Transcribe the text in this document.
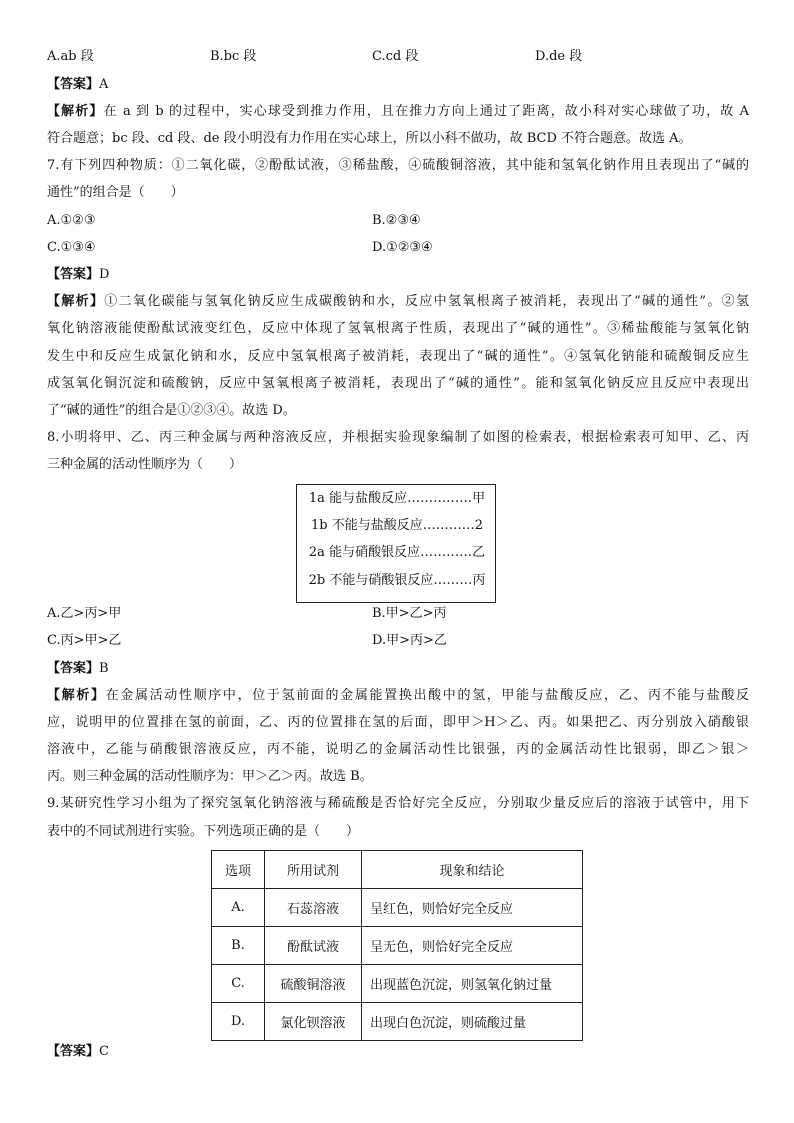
A.ab 段	B.bc 段	C.cd 段	D.de 段
【答案】A
【解析】在 a 到 b 的过程中，实心球受到推力作用，且在推力方向上通过了距离，故小科对实心球做了功，故 A
符合题意；bc 段、cd 段、de 段小明没有力作用在实心球上，所以小科不做功，故 BCD 不符合题意。故选 A。
7.有下列四种物质：①二氧化碳，②酚酞试液，③稀盐酸，④硫酸铜溶液，其中能和氢氧化钠作用且表现出了“碱的
通性”的组合是（　　）
A.①②③	B.②③④
C.①③④	D.①②③④
【答案】D
【解析】①二氧化碳能与氢氧化钠反应生成碳酸钠和水，反应中氢氧根离子被消耗，表现出了“碱的通性”。②氢
氧化钠溶液能使酚酞试液变红色，反应中体现了氢氧根离子性质，表现出了“碱的通性”。③稀盐酸能与氢氧化钠
发生中和反应生成氯化钠和水，反应中氢氧根离子被消耗，表现出了“碱的通性”。④氢氧化钠能和硫酸铜反应生
成氢氧化铜沉淀和硫酸钠，反应中氢氧根离子被消耗，表现出了“碱的通性”。能和氢氧化钠反应且反应中表现出
了“碱的通性”的组合是①②③④。故选 D。
8.小明将甲、乙、丙三种金属与两种溶液反应，并根据实验现象编制了如图的检索表，根据检索表可知甲、乙、丙
三种金属的活动性顺序为（　　）
1a
能与盐酸反应 …………… 甲
1b
不能与盐酸反应 ………… 2
2a
能与硝酸银反应 ………… 乙
2b
不能与硝酸银反应 ……… 丙
A.乙>丙>甲	B.甲>乙>丙
C.丙>甲>乙	D.甲>丙>乙
【答案】B
【解析】在金属活动性顺序中，位于氢前面的金属能置换出酸中的氢，甲能与盐酸反应，乙、丙不能与盐酸反
应，说明甲的位置排在氢的前面，乙、丙的位置排在氢的后面，即甲＞H＞乙、丙。如果把乙、丙分别放入硝酸银
溶液中，乙能与硝酸银溶液反应，丙不能，说明乙的金属活动性比银强，丙的金属活动性比银弱，即乙＞银＞
丙。则三种金属的活动性顺序为：甲＞乙＞丙。故选 B。
9.某研究性学习小组为了探究氢氧化钠溶液与稀硫酸是否恰好完全反应，分别取少量反应后的溶液于试管中，用下
表中的不同试剂进行实验。下列选项正确的是（　　）
选项	所用试剂	现象和结论
A.	石蕊溶液	呈红色，则恰好完全反应
B.	酚酞试液	呈无色，则恰好完全反应
C.	硫酸铜溶液	出现蓝色沉淀，则氢氧化钠过量
D.	氯化钡溶液	出现白色沉淀，则硫酸过量
【答案】C
